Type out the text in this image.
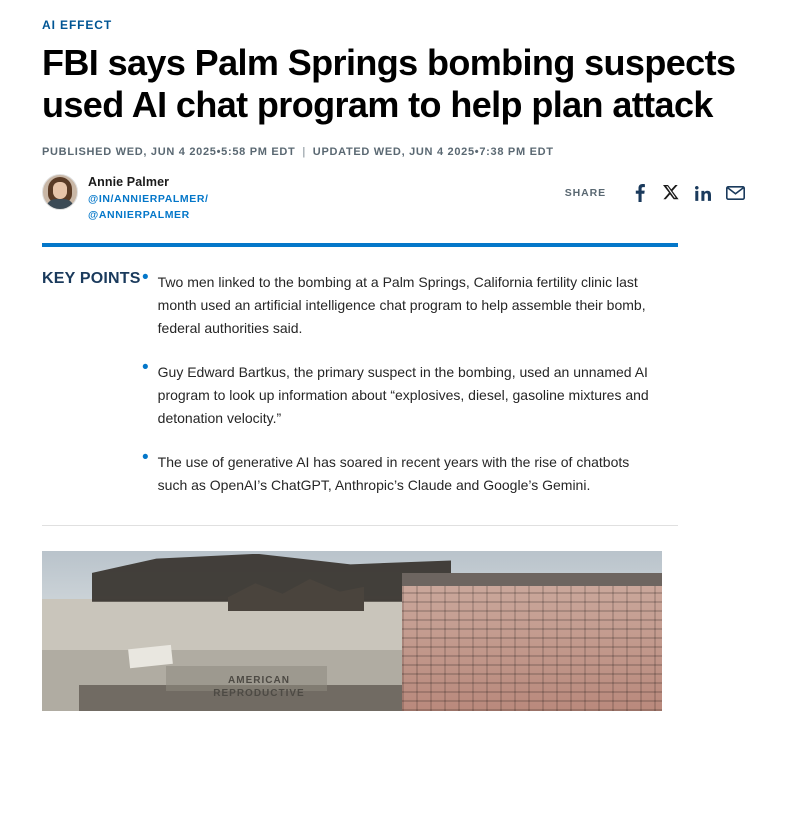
AI EFFECT
FBI says Palm Springs bombing suspects used AI chat program to help plan attack
PUBLISHED WED, JUN 4 2025•5:58 PM EDT | UPDATED WED, JUN 4 2025•7:38 PM EDT
Annie Palmer
@IN/ANNIERPALMER/
@ANNIERPALMER
SHARE
KEY POINTS • Two men linked to the bombing at a Palm Springs, California fertility clinic last month used an artificial intelligence chat program to help assemble their bomb, federal authorities said.
• Guy Edward Bartkus, the primary suspect in the bombing, used an unnamed AI program to look up information about “explosives, diesel, gasoline mixtures and detonation velocity.”
• The use of generative AI has soared in recent years with the rise of chatbots such as OpenAI’s ChatGPT, Anthropic’s Claude and Google’s Gemini.
AMERICAN REPRODUCTIVE
